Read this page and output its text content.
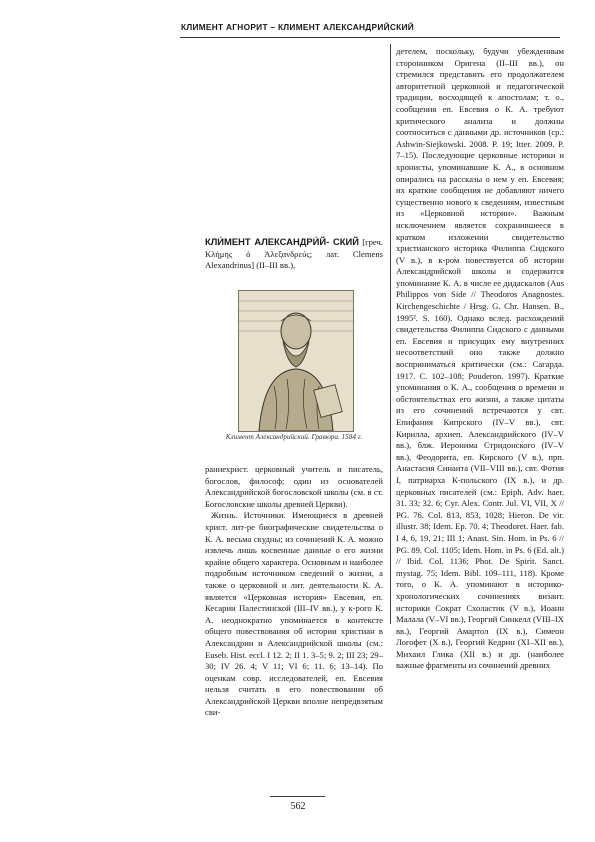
КЛИМЕНТ АГНОРИТ – КЛИМЕНТ АЛЕКСАНДРИЙСКИЙ

КЛИ́МЕНТ АЛЕКСАНДРИ́Й- СКИЙ [греч. Κλήμης ὁ Ἀλεξανδρεύς; лат. Clemens Alexandrinus] (II–III вв.),

Климент Александрийский. Гравюра. 1584 г.

раннехрист. церковный учитель и писатель, богослов, философ; один из основателей Александрийской богословской школы (см. в ст. Богословские школы древней Церкви).

Жизнь. Источники. Имеющиеся в древней христ. лит-ре биографические свидетельства о К. А. весьма скудны; из сочинений К. А. можно извлечь лишь косвенные данные о его жизни крайне общего характера. Основным и наиболее подробным источником сведений о жизни, а также о церковной и лит. деятельности К. А. является «Церковная история» Евсевия, еп. Кесарии Палестинской (III–IV вв.), у к-рого К. А. неоднократно упоминается в контексте общего повествования об истории христиан в Александрии и Александрийской школы (см.: Euseb. Hist. eccl. I 12. 2; II 1. 3–5; 9. 2; III 23; 29–30; IV 26. 4; V 11; VI 6; 11. 6; 13–14). По оценкам совр. исследователей, еп. Евсевия нельзя считать в его повествовании об Александрийской Церкви вполне непредвзятым сви-

детелем, поскольку, будучи убежденным сторонником Оригена (II–III вв.), он стремился представить его продолжателем авторитетной церковной и педагогической традиции, восходящей к апостолам; т. о., сообщения еп. Евсевия о К. А. требуют критического анализа и должны соотноситься с данными др. источников (ср.: Ashwin-Siejkowski. 2008. P. 19; Itter. 2009. P. 7–15). Последующие церковные историки и хронисты, упоминавшие К. А., в основном опирались на рассказы о нем у еп. Евсевия; их краткие сообщения не добавляют ничего существенно нового к сведениям, известным из «Церковной истории». Важным исключением является сохранившееся в кратком изложении свидетельство христианского историка Филиппа Сидского (V в.), в к-ром повествуется об истории Александрийской школы и содержится упоминание К. А. в числе ее дидаскалов (Aus Philippos von Side // Theodoros Anagnostes. Kirchengeschichte / Hrsg. G. Chr. Hansen. B., 1995². S. 160). Однако вслед. расхождений свидетельства Филиппа Сидского с данными еп. Евсевия и присущих ему внутренних несоответствий оно также должно восприниматься критически (см.: Сагарда. 1917. С. 102–108; Pouderon. 1997). Краткие упоминания о К. А., сообщения о времени и обстоятельствах его жизни, а также цитаты из его сочинений встречаются у свт. Епифания Кипрского (IV–V вв.), свт. Кирилла, архиеп. Александрийского (IV–V вв.), блж. Иеронима Стридонского (IV–V вв.), Феодорита, еп. Кирского (V в.), прп. Анастасия Синаита (VII–VIII вв.), свт. Фотия I, патриарха К-польского (IX в.), и др. церковных писателей (см.: Epiph. Adv. haer. 31. 33; 32. 6; Cyr. Alex. Contr. Jul. VI, VII, X // PG. 76. Col. 813, 853, 1028; Hieron. De vir. illustr. 38; Idem. Ep. 70. 4; Theodoret. Haer. fab. I 4, 6, 19, 21; III 1; Anast. Sin. Hom. in Ps. 6 // PG. 89. Col. 1105; Idem. Hom. in Ps. 6 (Ed. alt.) // Ibid. Col. 1136; Phot. De Spirit. Sanct. mystag. 75; Idem. Bibl. 109–111, 118). Кроме того, о К. А. упоминают в историко-хронологических сочинениях визант. историки Сократ Схоластик (V в.), Иоанн Малала (V–VI вв.), Георгий Синкелл (VIII–IX вв.), Георгий Амартол (IX в.), Симеон Логофет (X в.), Георгий Кедрин (XI–XII вв.), Михаил Глика (XII в.) и др. (наиболее важные фрагменты из сочинений древних

562
